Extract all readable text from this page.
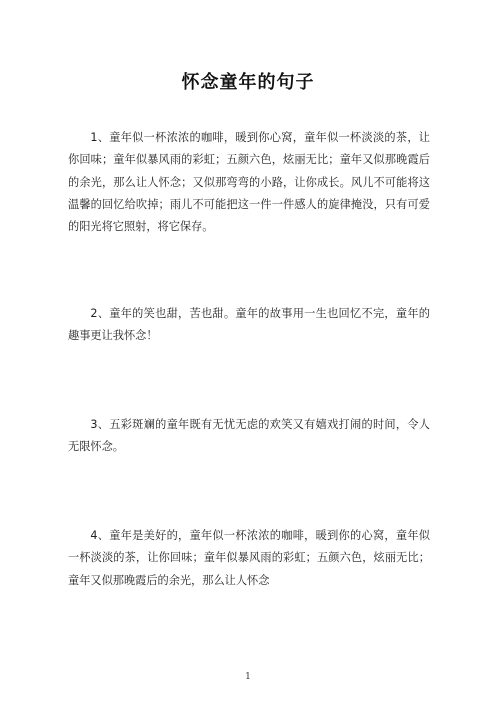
怀念童年的句子
1、童年似一杯浓浓的咖啡，暖到你心窝，童年似一杯淡淡的茶，让你回味；童年似暴风雨的彩虹；五颜六色，炫丽无比；童年又似那晚霞后的余光，那么让人怀念；又似那弯弯的小路，让你成长。风儿不可能将这温馨的回忆给吹掉；雨儿不可能把这一件一件感人的旋律掩没，只有可爱的阳光将它照射，将它保存。
2、童年的笑也甜，苦也甜。童年的故事用一生也回忆不完，童年的趣事更让我怀念！
3、五彩斑斓的童年既有无忧无虑的欢笑又有嬉戏打闹的时间，令人无限怀念。
4、童年是美好的，童年似一杯浓浓的咖啡，暖到你的心窝，童年似一杯淡淡的茶，让你回味；童年似暴风雨的彩虹；五颜六色，炫丽无比；童年又似那晚霞后的余光，那么让人怀念
1
